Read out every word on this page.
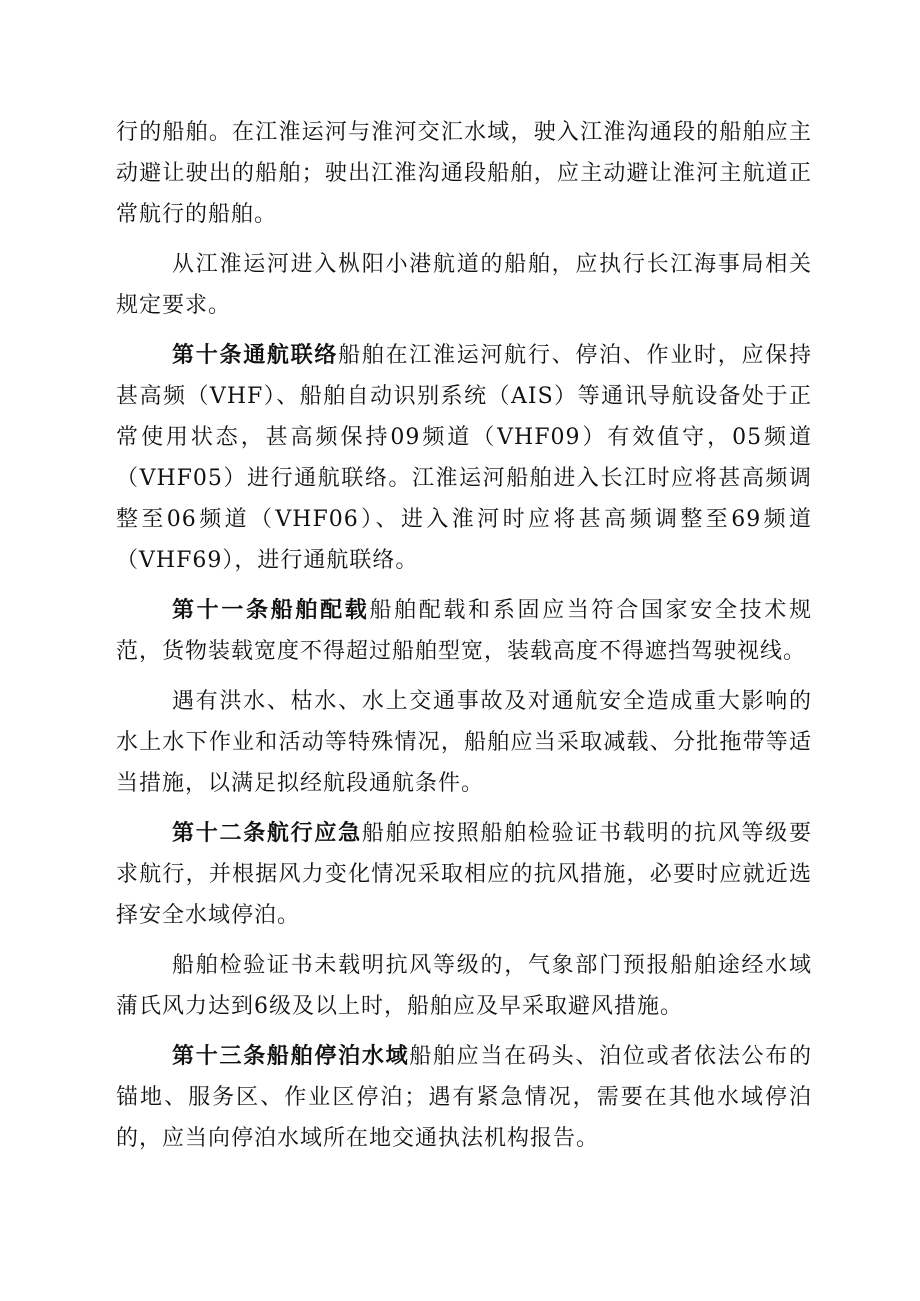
行的船舶。在江淮运河与淮河交汇水域，驶入江淮沟通段的船舶应主动避让驶出的船舶；驶出江淮沟通段船舶，应主动避让淮河主航道正常航行的船舶。

从江淮运河进入枞阳小港航道的船舶，应执行长江海事局相关规定要求。

第十条通航联络船舶在江淮运河航行、停泊、作业时，应保持甚高频（VHF）、船舶自动识别系统（AIS）等通讯导航设备处于正常使用状态，甚高频保持09频道（VHF09）有效值守，05频道（VHF05）进行通航联络。江淮运河船舶进入长江时应将甚高频调整至06频道（VHF06）、进入淮河时应将甚高频调整至69频道（VHF69），进行通航联络。

第十一条船舶配载船舶配载和系固应当符合国家安全技术规范，货物装载宽度不得超过船舶型宽，装载高度不得遮挡驾驶视线。

遇有洪水、枯水、水上交通事故及对通航安全造成重大影响的水上水下作业和活动等特殊情况，船舶应当采取减载、分批拖带等适当措施，以满足拟经航段通航条件。

第十二条航行应急船舶应按照船舶检验证书载明的抗风等级要求航行，并根据风力变化情况采取相应的抗风措施，必要时应就近选择安全水域停泊。

船舶检验证书未载明抗风等级的，气象部门预报船舶途经水域蒲氏风力达到6级及以上时，船舶应及早采取避风措施。

第十三条船舶停泊水域船舶应当在码头、泊位或者依法公布的锚地、服务区、作业区停泊；遇有紧急情况，需要在其他水域停泊的，应当向停泊水域所在地交通执法机构报告。
